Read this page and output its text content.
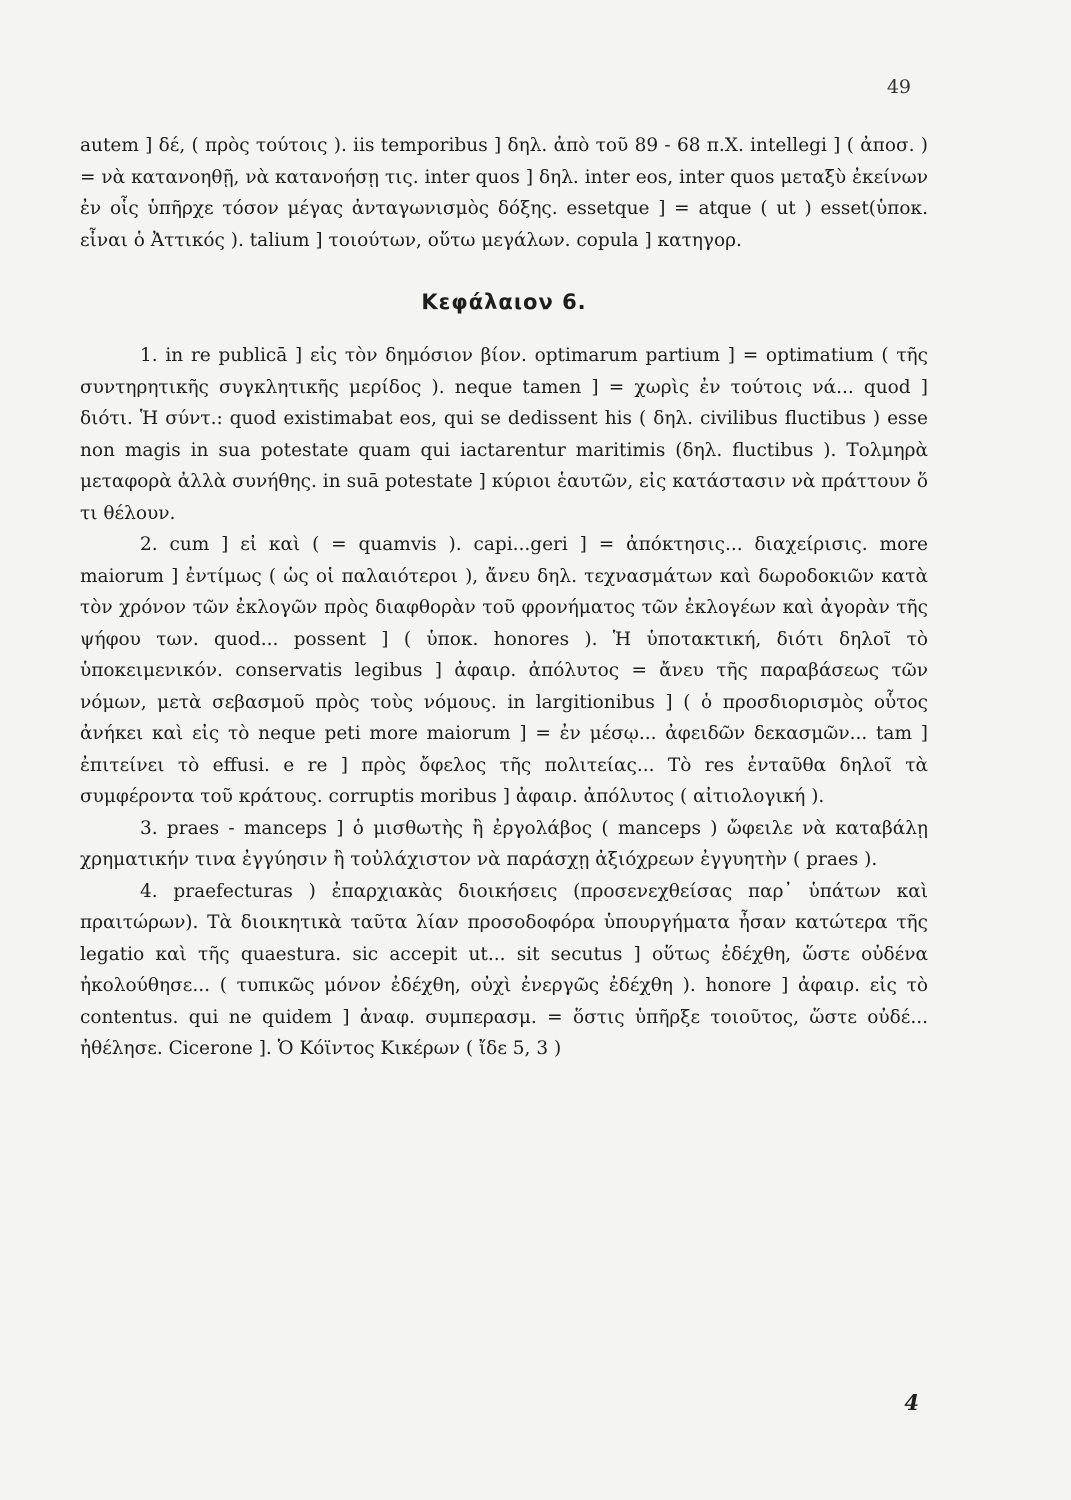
49

autem ] δέ, ( πρὸς τούτοις ). iis temporibus ] δηλ. ἀπὸ τοῦ 89 - 68 π.Χ. intellegi ] ( ἀποσ. ) = νὰ κατανοηθῇ, νὰ κατανοήσῃ τις. inter quos ] δηλ. inter eos, inter quos μεταξὺ ἐκείνων ἐν οἷς ὑπῆρχε τόσον μέγας ἀνταγωνισμὸς δόξης. essetque ] = atque ( ut ) esset(ὑποκ. εἶναι ὁ Ἀττικός ). talium ] τοιούτων, οὕτω μεγάλων. copula ] κατηγορ.

Κεφάλαιον 6.

1. in re publicā ] εἰς τὸν δημόσιον βίον. optimarum partium ] = optimatium ( τῆς συντηρητικῆς συγκλητικῆς μερίδος ). neque tamen ] = χωρὶς ἐν τούτοις νά... quod ] διότι. Ἡ σύντ.: quod existimabat eos, qui se dedissent his ( δηλ. civilibus fluctibus ) esse non magis in sua potestate quam qui iactarentur maritimis (δηλ. fluctibus ). Τολμηρὰ μεταφορὰ ἀλλὰ συνήθης. in suā potestate ] κύριοι ἑαυτῶν, εἰς κατάστασιν νὰ πράττουν ὅ τι θέλουν.

2. cum ] εἰ καὶ ( = quamvis ). capi...geri ] = ἀπόκτησις... διαχείρισις. more maiorum ] ἐντίμως ( ὡς οἱ παλαιότεροι ), ἄνευ δηλ. τεχνασμάτων καὶ δωροδοκιῶν κατὰ τὸν χρόνον τῶν ἐκλογῶν πρὸς διαφθορὰν τοῦ φρονήματος τῶν ἐκλογέων καὶ ἀγορὰν τῆς ψήφου των. quod... possent ] ( ὑποκ. honores ). Ἡ ὑποτακτική, διότι δηλοῖ τὸ ὑποκειμενικόν. conservatis legibus ] ἀφαιρ. ἀπόλυτος = ἄνευ τῆς παραβάσεως τῶν νόμων, μετὰ σεβασμοῦ πρὸς τοὺς νόμους. in largitionibus ] ( ὁ προσδιορισμὸς οὗτος ἀνήκει καὶ εἰς τὸ neque peti more maiorum ] = ἐν μέσῳ... ἀφειδῶν δεκασμῶν... tam ] ἐπιτείνει τὸ effusi. e re ] πρὸς ὄφελος τῆς πολιτείας... Τὸ res ἐνταῦθα δηλοῖ τὰ συμφέροντα τοῦ κράτους. corruptis moribus ] ἀφαιρ. ἀπόλυτος ( αἰτιολογική ).

3. praes - manceps ] ὁ μισθωτὴς ἢ ἐργολάβος ( manceps ) ὤφειλε νὰ καταβάλῃ χρηματικήν τινα ἐγγύησιν ἢ τοὐλάχιστον νὰ παράσχῃ ἀξιόχρεων ἐγγυητὴν ( praes ).

4. praefecturas ) ἐπαρχιακὰς διοικήσεις (προσενεχθείσας παρ᾽ ὑπάτων καὶ πραιτώρων). Τὰ διοικητικὰ ταῦτα λίαν προσοδοφόρα ὑπουργήματα ἦσαν κατώτερα τῆς legatio καὶ τῆς quaestura. sic accepit ut... sit secutus ] οὕτως ἐδέχθη, ὥστε οὐδένα ἠκολούθησε... ( τυπικῶς μόνον ἐδέχθη, οὐχὶ ἐνεργῶς ἐδέχθη ). honore ] ἀφαιρ. εἰς τὸ contentus. qui ne quidem ] ἀναφ. συμπερασμ. = ὅστις ὑπῆρξε τοιοῦτος, ὥστε οὐδέ... ἠθέλησε. Cicerone ]. Ὁ Κόϊντος Κικέρων ( ἴδε 5, 3 )

4
